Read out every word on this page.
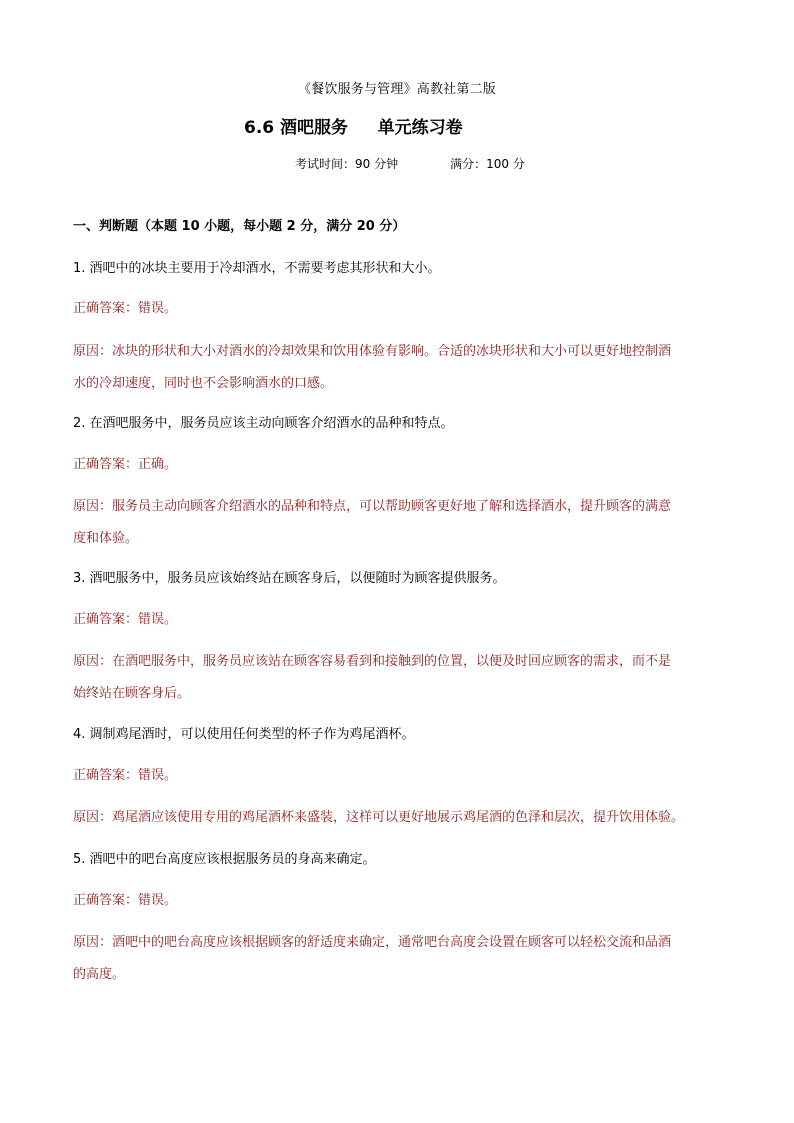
《餐饮服务与管理》高教社第二版
6.6 酒吧服务     单元练习卷
考试时间：90 分钟	满分：100 分
一、判断题（本题 10 小题，每小题 2 分，满分 20 分）
1. 酒吧中的冰块主要用于冷却酒水，不需要考虑其形状和大小。
正确答案：错误。
原因：冰块的形状和大小对酒水的冷却效果和饮用体验有影响。合适的冰块形状和大小可以更好地控制酒
水的冷却速度，同时也不会影响酒水的口感。
2. 在酒吧服务中，服务员应该主动向顾客介绍酒水的品种和特点。
正确答案：正确。
原因：服务员主动向顾客介绍酒水的品种和特点，可以帮助顾客更好地了解和选择酒水，提升顾客的满意
度和体验。
3. 酒吧服务中，服务员应该始终站在顾客身后，以便随时为顾客提供服务。
正确答案：错误。
原因：在酒吧服务中，服务员应该站在顾客容易看到和接触到的位置，以便及时回应顾客的需求，而不是
始终站在顾客身后。
4. 调制鸡尾酒时，可以使用任何类型的杯子作为鸡尾酒杯。
正确答案：错误。
原因：鸡尾酒应该使用专用的鸡尾酒杯来盛装，这样可以更好地展示鸡尾酒的色泽和层次，提升饮用体验。
5. 酒吧中的吧台高度应该根据服务员的身高来确定。
正确答案：错误。
原因：酒吧中的吧台高度应该根据顾客的舒适度来确定，通常吧台高度会设置在顾客可以轻松交流和品酒
的高度。
